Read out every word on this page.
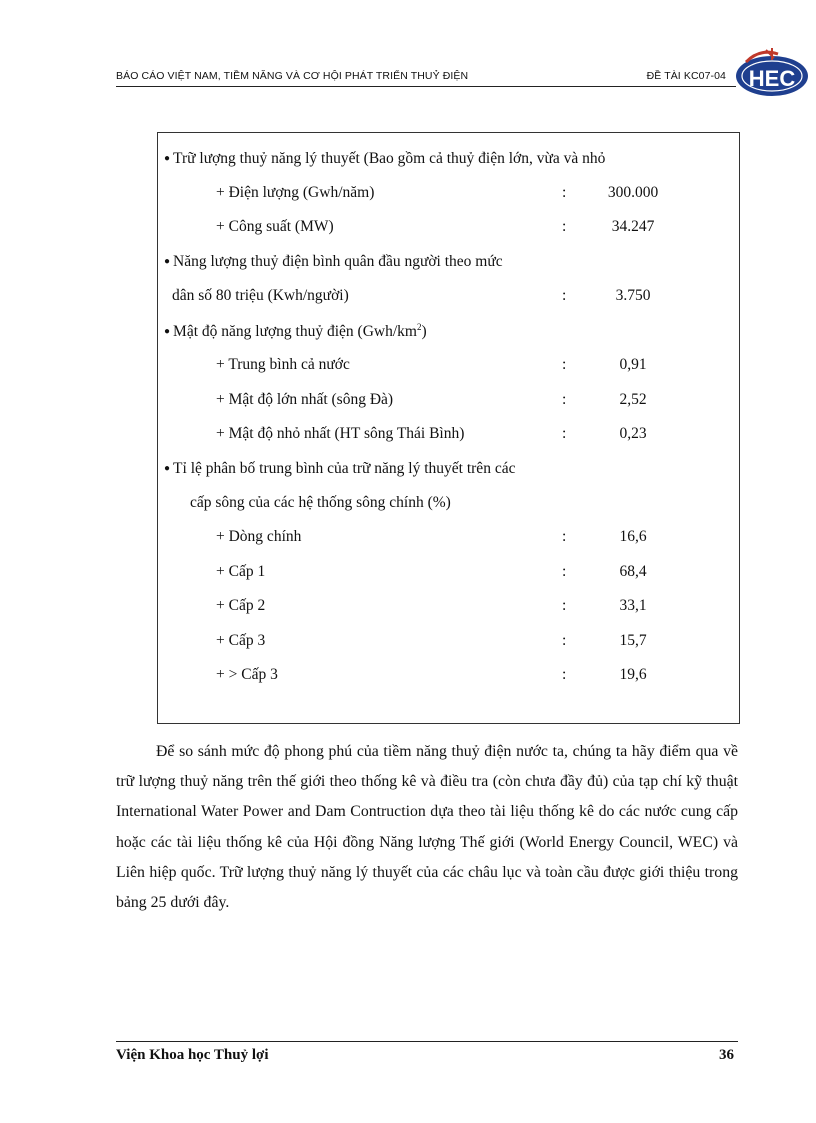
BÁO CÁO VIỆT NAM, TIỀM NĂNG VÀ CƠ HỘI PHÁT TRIỂN THUỶ ĐIỆN	ĐỀ TÀI KC07-04 HEC
● Trữ lượng thuỷ năng lý thuyết (Bao gồm cả thuỷ điện lớn, vừa và nhỏ
+ Điện lượng (Gwh/năm)	:	300.000
+ Công suất (MW)	:	34.247
● Năng lượng thuỷ điện bình quân đầu người theo mức
dân số 80 triệu (Kwh/người)	:	3.750
● Mật độ năng lượng thuỷ điện $(Gwh/km^2)$
+ Trung bình cả nước	:	0,91
+ Mật độ lớn nhất (sông Đà)	:	2,52
+ Mật độ nhỏ nhất (HT sông Thái Bình)	:	0,23
● Tỉ lệ phân bố trung bình của trữ năng lý thuyết trên các
cấp sông của các hệ thống sông chính (%)
+ Dòng chính	:	16,6
+ Cấp 1	:	68,4
+ Cấp 2	:	33,1
+ Cấp 3	:	15,7
+ > Cấp 3	:	19,6

Để so sánh mức độ phong phú của tiềm năng thuỷ điện nước ta, chúng ta hãy điểm qua về trữ lượng thuỷ năng trên thế giới theo thống kê và điều tra (còn chưa đầy đủ) của tạp chí kỹ thuật International Water Power and Dam Contruction dựa theo tài liệu thống kê do các nước cung cấp hoặc các tài liệu thống kê của Hội đồng Năng lượng Thế giới (World Energy Council, WEC) và Liên hiệp quốc. Trữ lượng thuỷ năng lý thuyết của các châu lục và toàn cầu được giới thiệu trong bảng 25 dưới đây.

Viện Khoa học Thuỷ lợi	36
